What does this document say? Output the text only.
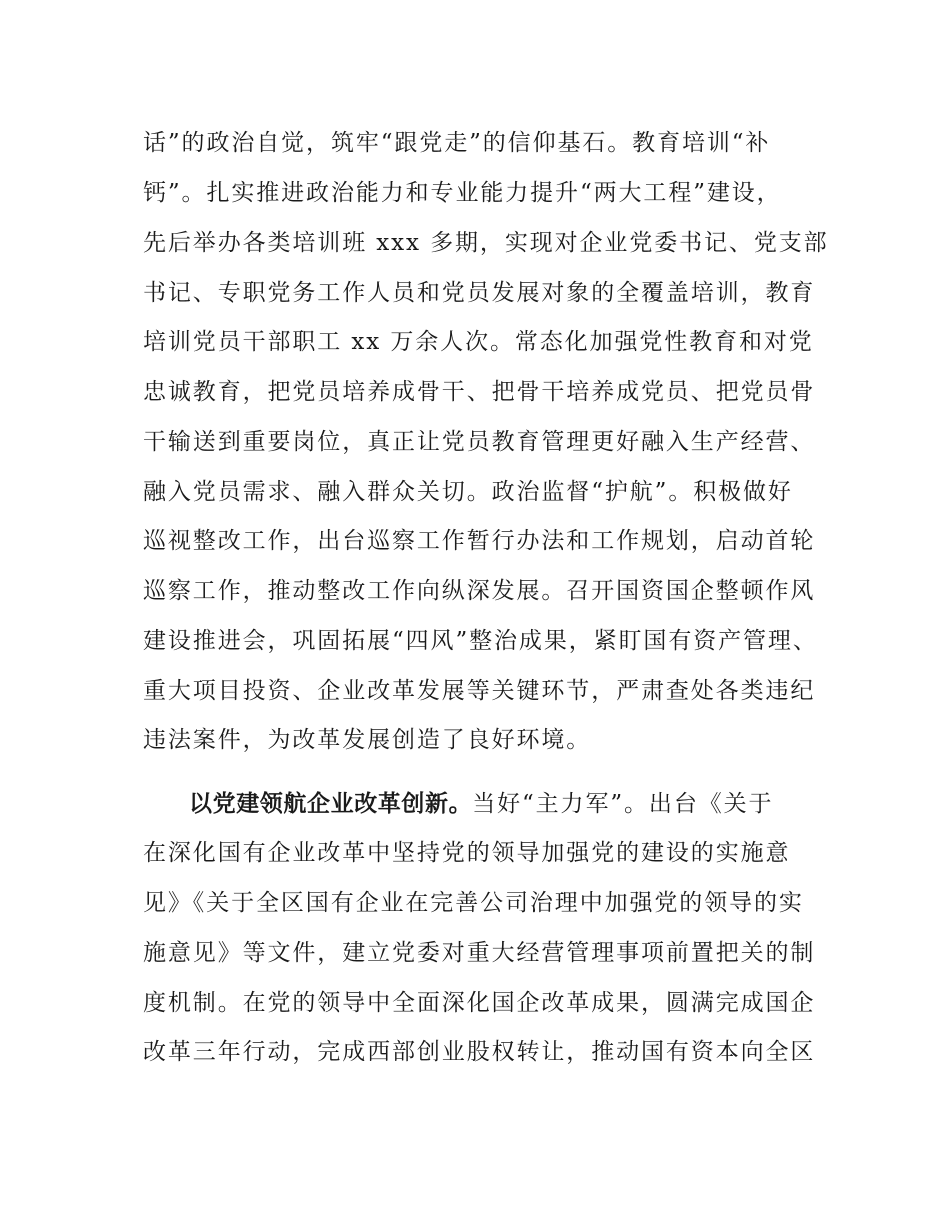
话”的政治自觉，筑牢“跟党走”的信仰基石。教育培训“补
钙”。扎实推进政治能力和专业能力提升“两大工程”建设，
先后举办各类培训班 xxx 多期，实现对企业党委书记、党支部
书记、专职党务工作人员和党员发展对象的全覆盖培训，教育
培训党员干部职工 xx 万余人次。常态化加强党性教育和对党
忠诚教育，把党员培养成骨干、把骨干培养成党员、把党员骨
干输送到重要岗位，真正让党员教育管理更好融入生产经营、
融入党员需求、融入群众关切。政治监督“护航”。积极做好
巡视整改工作，出台巡察工作暂行办法和工作规划，启动首轮
巡察工作，推动整改工作向纵深发展。召开国资国企整顿作风
建设推进会，巩固拓展“四风”整治成果，紧盯国有资产管理、
重大项目投资、企业改革发展等关键环节，严肃查处各类违纪
违法案件，为改革发展创造了良好环境。
以党建领航企业改革创新。当好“主力军”。出台《关于
在深化国有企业改革中坚持党的领导加强党的建设的实施意
见》《关于全区国有企业在完善公司治理中加强党的领导的实
施意见》等文件，建立党委对重大经营管理事项前置把关的制
度机制。在党的领导中全面深化国企改革成果，圆满完成国企
改革三年行动，完成西部创业股权转让，推动国有资本向全区
